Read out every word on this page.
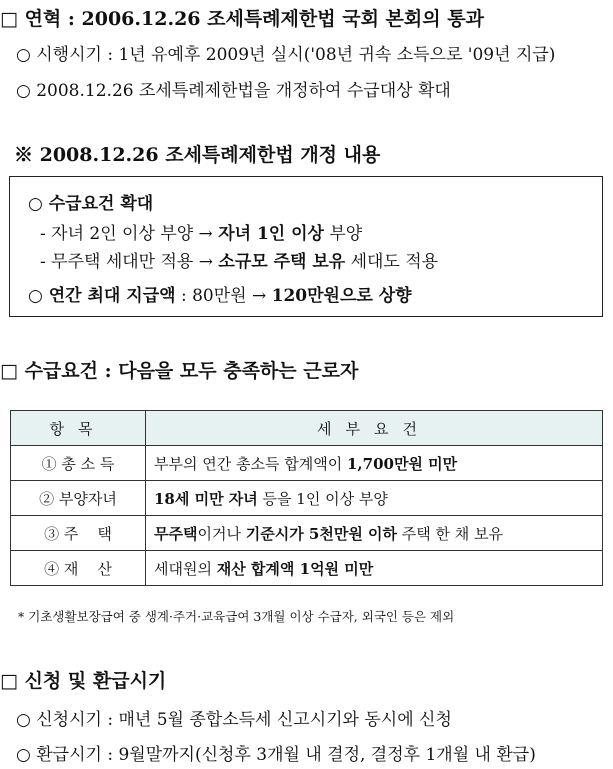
□ 연혁 : 2006.12.26 조세특례제한법 국회 본회의 통과
○ 시행시기 : 1년 유예후 2009년 실시('08년 귀속 소득으로 '09년 지급)
○ 2008.12.26 조세특례제한법을 개정하여 수급대상 확대
※ 2008.12.26 조세특례제한법 개정 내용
○ 수급요건 확대
- 자녀 2인 이상 부양 → 자녀 1인 이상 부양
- 무주택 세대만 적용 → 소규모 주택 보유 세대도 적용
○ 연간 최대 지급액 : 80만원 → 120만원으로 상향
□ 수급요건 : 다음을 모두 충족하는 근로자
항목	세부요건
① 총 소 득	부부의 연간 총소득 합계액이 1,700만원 미만
② 부양자녀	18세 미만 자녀 등을 1인 이상 부양
③ 주    택	무주택이거나 기준시가 5천만원 이하 주택 한 채 보유
④ 재    산	세대원의 재산 합계액 1억원 미만
* 기초생활보장급여 중 생계·주거·교육급여 3개월 이상 수급자, 외국인 등은 제외
□ 신청 및 환급시기
○ 신청시기 : 매년 5월 종합소득세 신고시기와 동시에 신청
○ 환급시기 : 9월말까지(신청후 3개월 내 결정, 결정후 1개월 내 환급)
